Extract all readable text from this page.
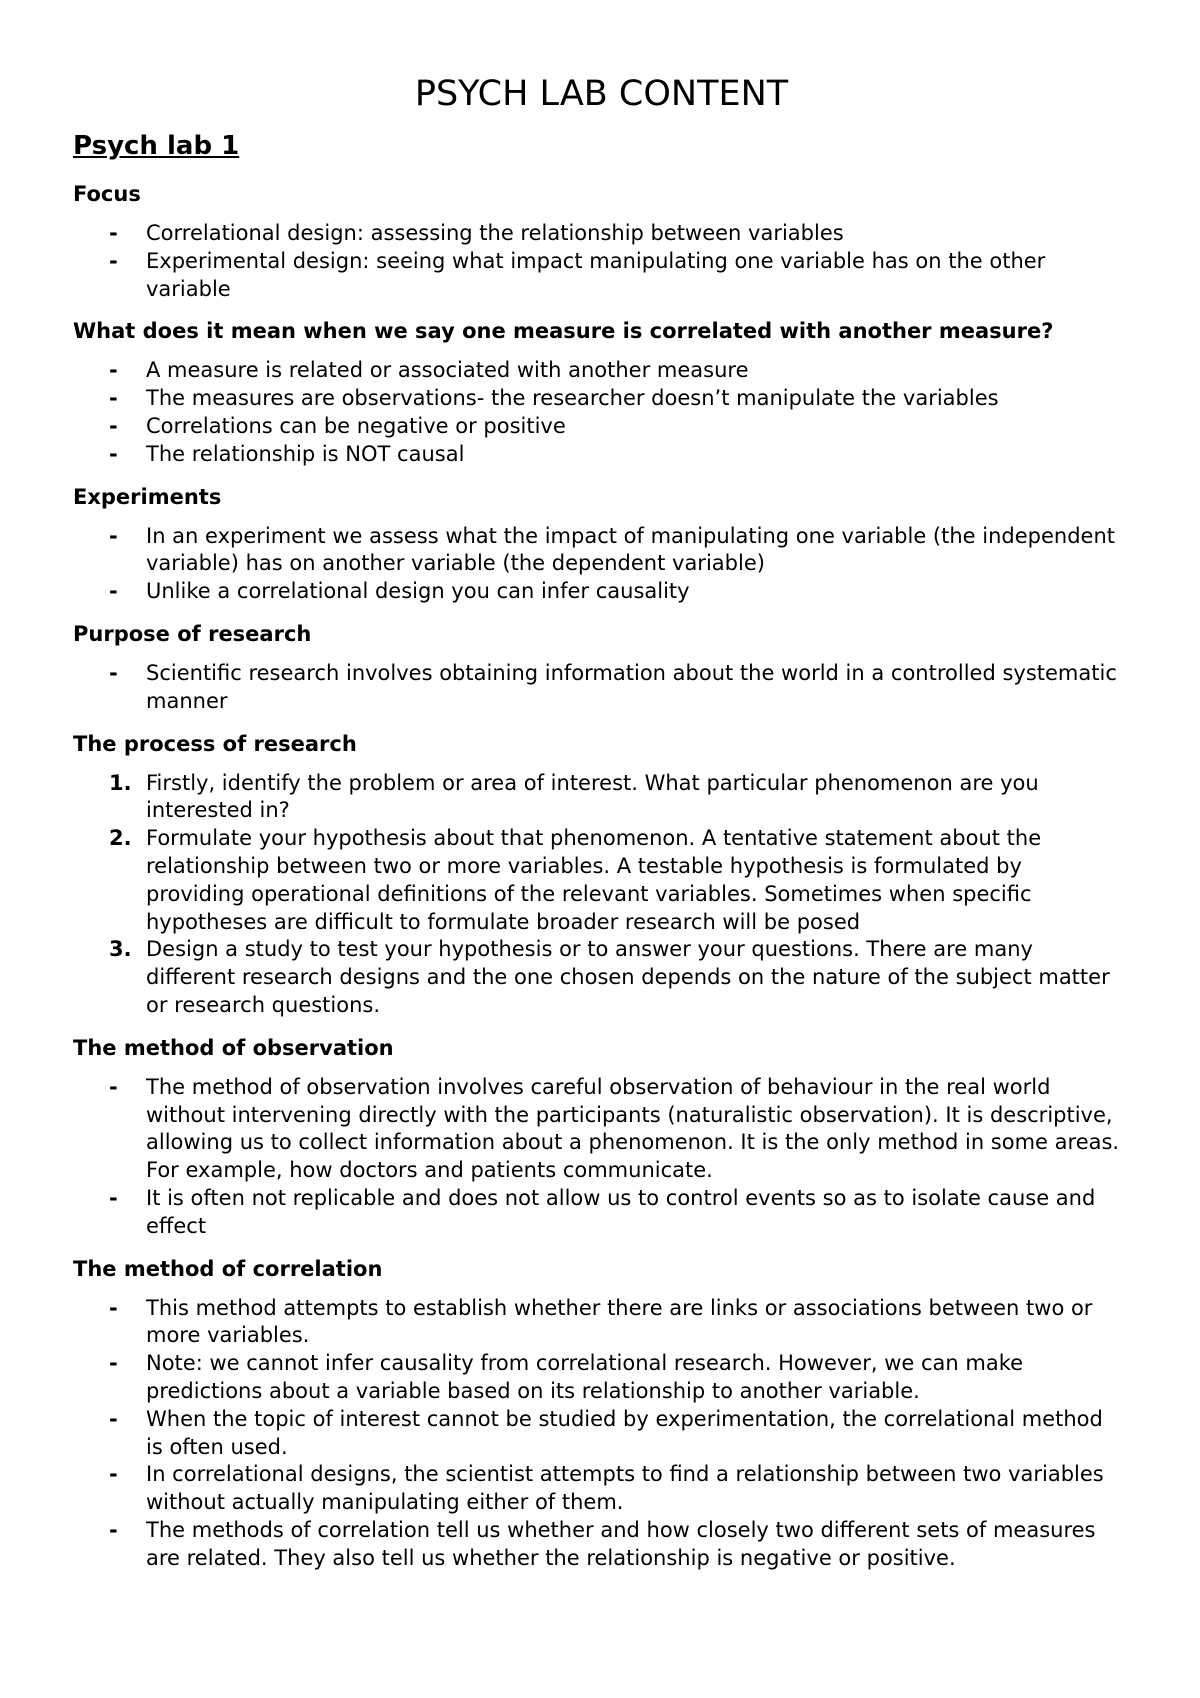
PSYCH LAB CONTENT
Psych lab 1
Focus
- Correlational design: assessing the relationship between variables
- Experimental design: seeing what impact manipulating one variable has on the other variable
What does it mean when we say one measure is correlated with another measure?
- A measure is related or associated with another measure
- The measures are observations- the researcher doesn’t manipulate the variables
- Correlations can be negative or positive
- The relationship is NOT causal
Experiments
- In an experiment we assess what the impact of manipulating one variable (the independent variable) has on another variable (the dependent variable)
- Unlike a correlational design you can infer causality
Purpose of research
- Scientific research involves obtaining information about the world in a controlled systematic manner
The process of research
1. Firstly, identify the problem or area of interest. What particular phenomenon are you interested in?
2. Formulate your hypothesis about that phenomenon. A tentative statement about the relationship between two or more variables. A testable hypothesis is formulated by providing operational definitions of the relevant variables. Sometimes when specific hypotheses are difficult to formulate broader research will be posed
3. Design a study to test your hypothesis or to answer your questions. There are many different research designs and the one chosen depends on the nature of the subject matter or research questions.
The method of observation
- The method of observation involves careful observation of behaviour in the real world without intervening directly with the participants (naturalistic observation). It is descriptive, allowing us to collect information about a phenomenon. It is the only method in some areas. For example, how doctors and patients communicate.
- It is often not replicable and does not allow us to control events so as to isolate cause and effect
The method of correlation
- This method attempts to establish whether there are links or associations between two or more variables.
- Note: we cannot infer causality from correlational research. However, we can make predictions about a variable based on its relationship to another variable.
- When the topic of interest cannot be studied by experimentation, the correlational method is often used.
- In correlational designs, the scientist attempts to find a relationship between two variables without actually manipulating either of them.
- The methods of correlation tell us whether and how closely two different sets of measures are related. They also tell us whether the relationship is negative or positive.
